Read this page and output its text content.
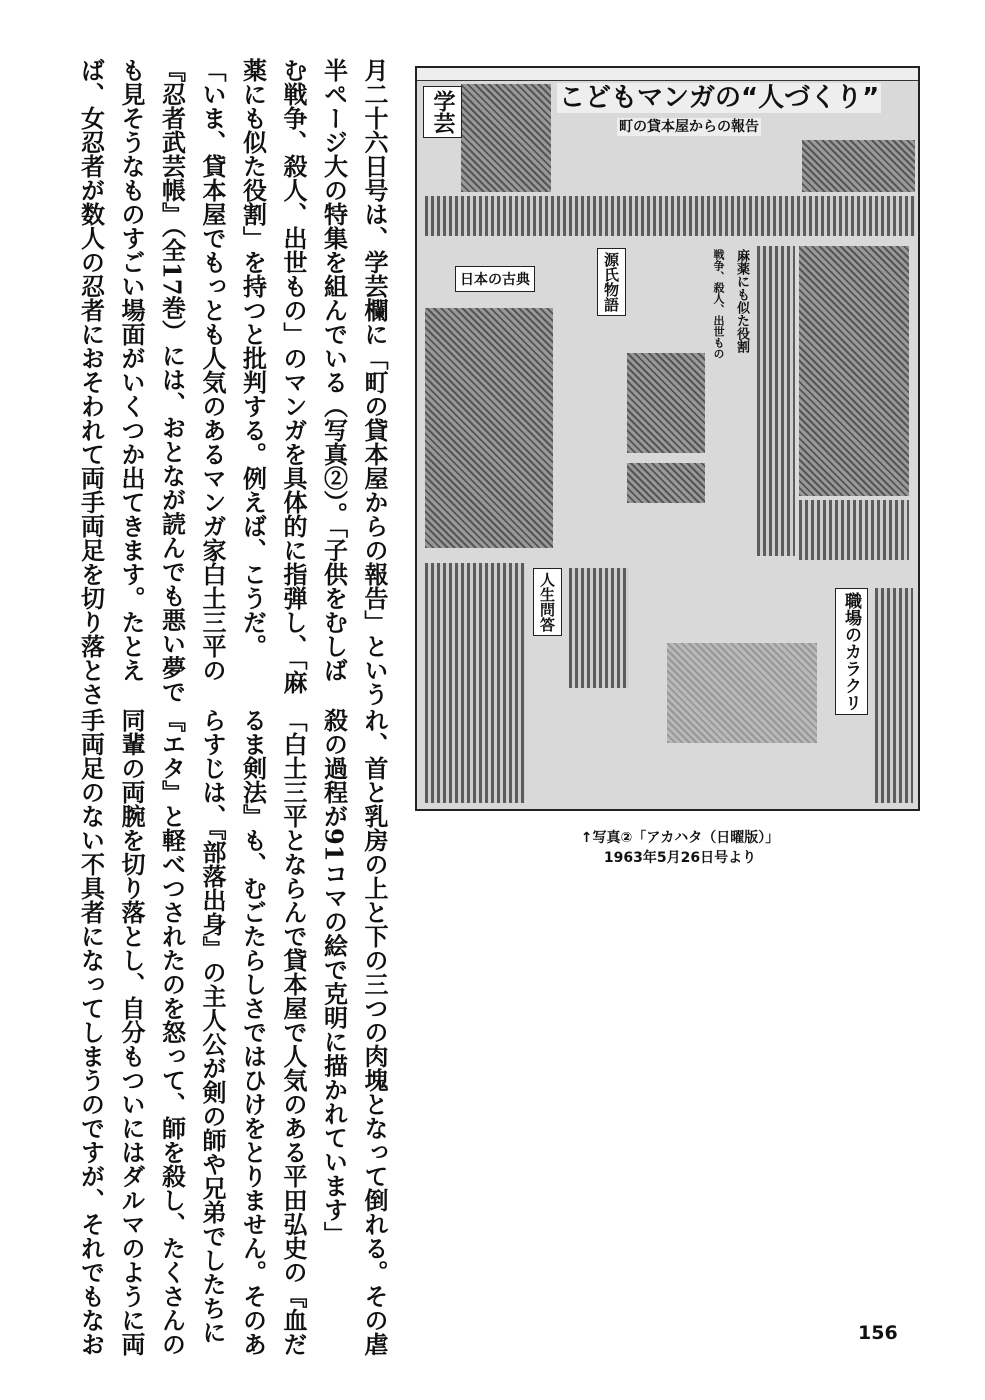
月二十六日号は、学芸欄に「町の貸本屋からの報告」という
半ページ大の特集を組んでいる（写真②）。「子供をむしば
む戦争、殺人、出世もの」のマンガを具体的に指弾し、「麻
薬にも似た役割」を持つと批判する。例えば、こうだ。
「いま、貸本屋でもっとも人気のあるマンガ家白土三平の
『忍者武芸帳』（全17巻）には、おとなが読んでも悪い夢で
も見そうなものすごい場面がいくつか出てきます。たとえ
ば、女忍者が数人の忍者におそわれて両手両足を切り落とさ
れ、首と乳房の上と下の三つの肉塊となって倒れる。その虐
殺の過程が91コマの絵で克明に描かれています」
「白土三平とならんで貸本屋で人気のある平田弘史の『血だ
るま剣法』も、むごたらしさではひけをとりません。そのあ
らすじは、『部落出身』の主人公が剣の師や兄弟でしたちに
『エタ』と軽べつされたのを怒って、師を殺し、たくさんの
同輩の両腕を切り落とし、自分もついにはダルマのように両
手両足のない不具者になってしまうのですが、それでもなお
学芸	こどもマンガの“人づくり”
町の貸本屋からの報告
麻薬にも似た役割
戦争、殺人、出世もの
日本の古典	源氏物語
人生問答	職場のカラクリ
↑写真②「アカハタ（日曜版）」
1963年5月26日号より
156
